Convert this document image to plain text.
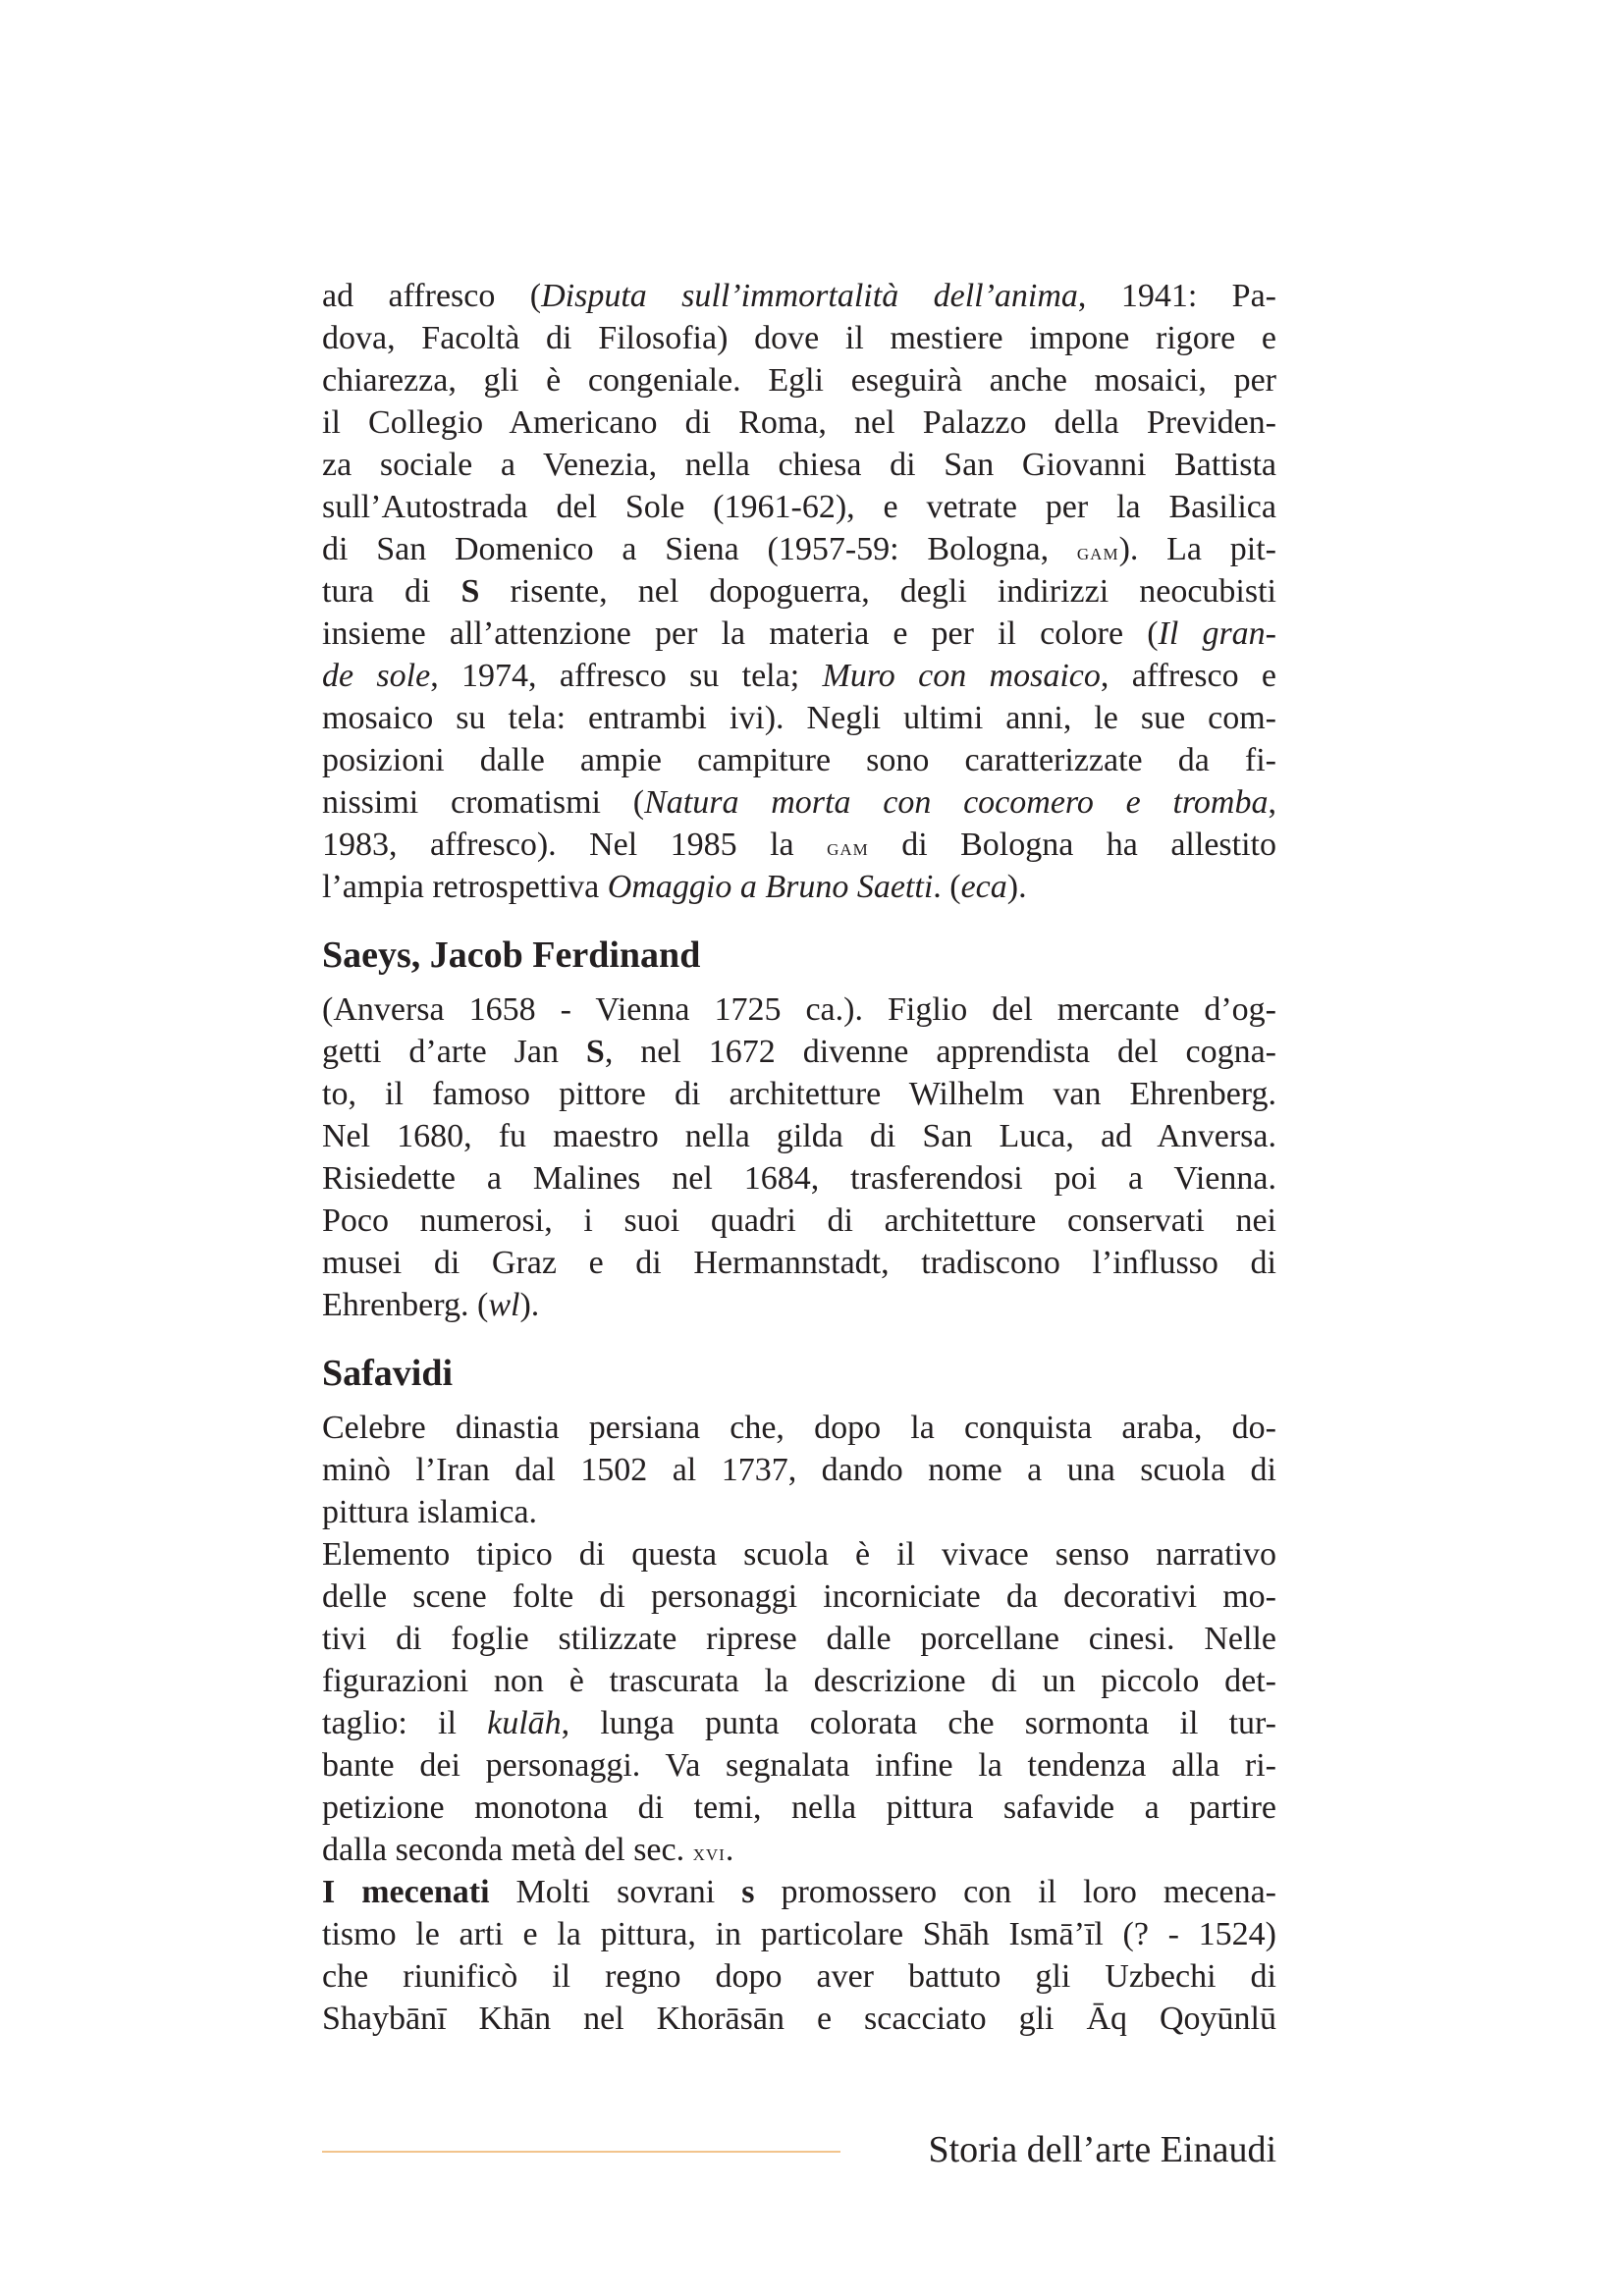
ad affresco (Disputa sull’immortalità dell’anima, 1941: Pa-
dova, Facoltà di Filosofia) dove il mestiere impone rigore e
chiarezza, gli è congeniale. Egli eseguirà anche mosaici, per
il Collegio Americano di Roma, nel Palazzo della Previden-
za sociale a Venezia, nella chiesa di San Giovanni Battista
sull’Autostrada del Sole (1961-62), e vetrate per la Basilica
di San Domenico a Siena (1957-59: Bologna, gam). La pit-
tura di S risente, nel dopoguerra, degli indirizzi neocubisti
insieme all’attenzione per la materia e per il colore (Il gran-
de sole, 1974, affresco su tela; Muro con mosaico, affresco e
mosaico su tela: entrambi ivi). Negli ultimi anni, le sue com-
posizioni dalle ampie campiture sono caratterizzate da fi-
nissimi cromatismi (Natura morta con cocomero e tromba,
1983, affresco). Nel 1985 la gam di Bologna ha allestito
l’ampia retrospettiva Omaggio a Bruno Saetti. (eca).
Saeys, Jacob Ferdinand
(Anversa 1658 - Vienna 1725 ca.). Figlio del mercante d’og-
getti d’arte Jan S, nel 1672 divenne apprendista del cogna-
to, il famoso pittore di architetture Wilhelm van Ehrenberg.
Nel 1680, fu maestro nella gilda di San Luca, ad Anversa.
Risiedette a Malines nel 1684, trasferendosi poi a Vienna.
Poco numerosi, i suoi quadri di architetture conservati nei
musei di Graz e di Hermannstadt, tradiscono l’influsso di
Ehrenberg. (wl).
Safavidi
Celebre dinastia persiana che, dopo la conquista araba, do-
minò l’Iran dal 1502 al 1737, dando nome a una scuola di
pittura islamica.
Elemento tipico di questa scuola è il vivace senso narrativo
delle scene folte di personaggi incorniciate da decorativi mo-
tivi di foglie stilizzate riprese dalle porcellane cinesi. Nelle
figurazioni non è trascurata la descrizione di un piccolo det-
taglio: il kulāh, lunga punta colorata che sormonta il tur-
bante dei personaggi. Va segnalata infine la tendenza alla ri-
petizione monotona di temi, nella pittura safavide a partire
dalla seconda metà del sec. xvi.
I mecenati Molti sovrani s promossero con il loro mecena-
tismo le arti e la pittura, in particolare Shāh Ismā’īl (? - 1524)
che riunificò il regno dopo aver battuto gli Uzbechi di
Shaybānī Khān nel Khorāsān e scacciato gli Āq Qoyūnlū
Storia dell’arte Einaudi
